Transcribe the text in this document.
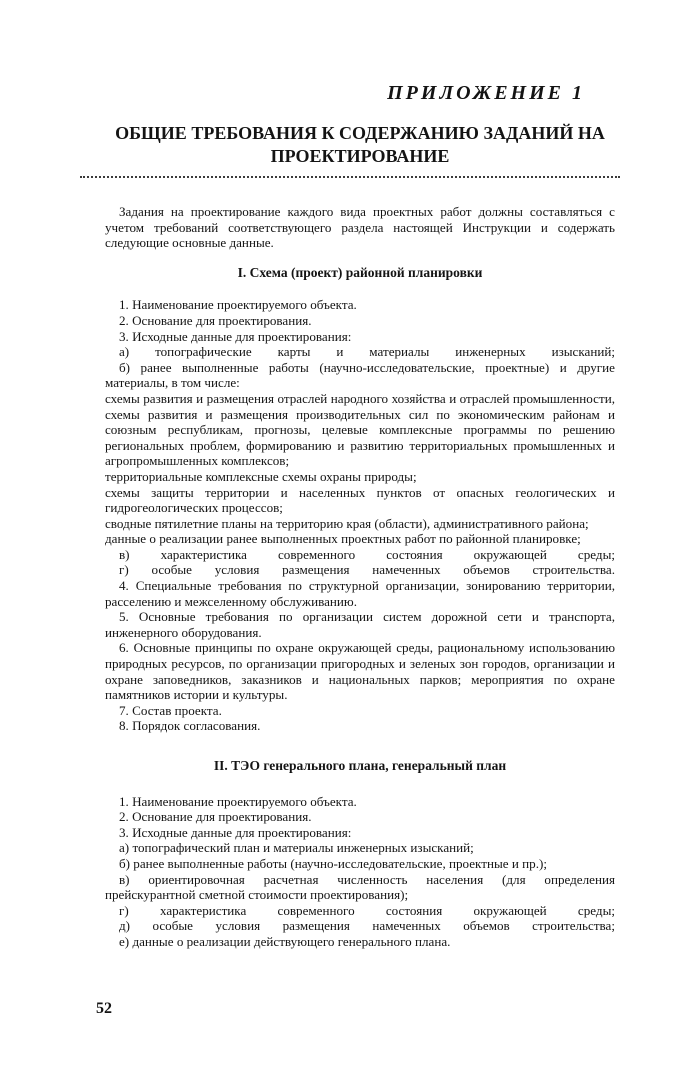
ПРИЛОЖЕНИЕ 1
ОБЩИЕ ТРЕБОВАНИЯ К СОДЕРЖАНИЮ ЗАДАНИЙ НА ПРОЕКТИРОВАНИЕ

Задания на проектирование каждого вида проектных работ должны составляться с учетом требований соответствующего раздела настоящей Инструкции и содержать следующие основные данные.

I. Схема (проект) районной планировки

1. Наименование проектируемого объекта.

2. Основание для проектирования.

3. Исходные данные для проектирования:

а) топографические карты и материалы инженерных изысканий;

б) ранее выполненные работы (научно-исследовательские, проектные) и другие материалы, в том числе:

схемы развития и размещения отраслей народного хозяйства и отраслей промышленности, схемы развития и размещения производительных сил по экономическим районам и союзным республикам, прогнозы, целевые комплексные программы по решению региональных проблем, формированию и развитию территориальных промышленных и агропромышленных комплексов;

территориальные комплексные схемы охраны природы;

схемы защиты территории и населенных пунктов от опасных геологических и гидрогеологических процессов;

сводные пятилетние планы на территорию края (области), административного района;

данные о реализации ранее выполненных проектных работ по районной планировке;

в) характеристика современного состояния окружающей среды;

г) особые условия размещения намеченных объемов строительства.

4. Специальные требования по структурной организации, зонированию территории, расселению и межселенному обслуживанию.

5. Основные требования по организации систем дорожной сети и транспорта, инженерного оборудования.

6. Основные принципы по охране окружающей среды, рациональному использованию природных ресурсов, по организации пригородных и зеленых зон городов, организации и охране заповедников, заказников и национальных парков; мероприятия по охране памятников истории и культуры.

7. Состав проекта.

8. Порядок согласования.

II. ТЭО генерального плана, генеральный план

1. Наименование проектируемого объекта.

2. Основание для проектирования.

3. Исходные данные для проектирования:

а) топографический план и материалы инженерных изысканий;

б) ранее выполненные работы (научно-исследовательские, проектные и пр.);

в) ориентировочная расчетная численность населения (для определения прейскурантной сметной стоимости проектирования);

г) характеристика современного состояния окружающей среды;

д) особые условия размещения намеченных объемов строительства;

е) данные о реализации действующего генерального плана.

52
